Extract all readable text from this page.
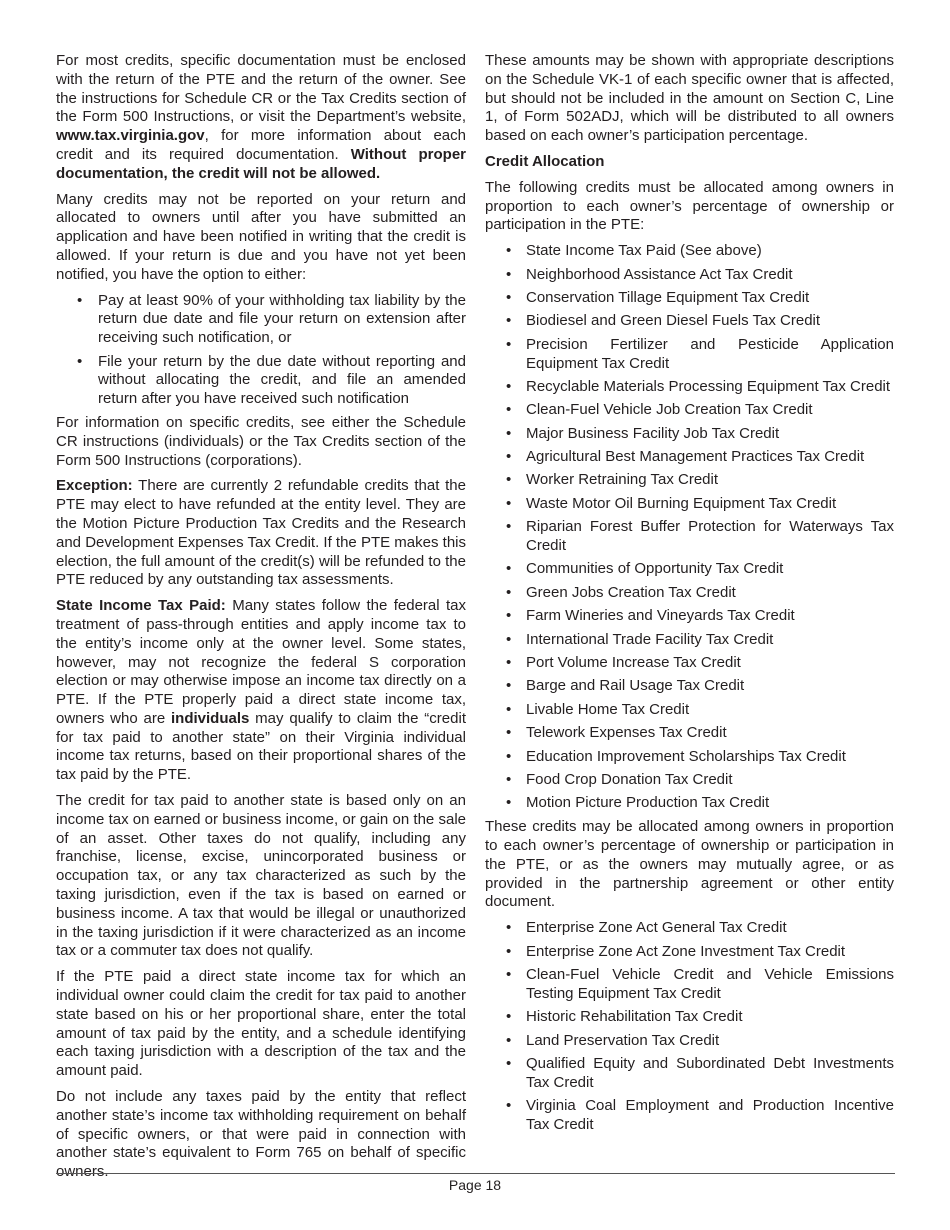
For most credits, specific documentation must be enclosed with the return of the PTE and the return of the owner. See the instructions for Schedule CR or the Tax Credits section of the Form 500 Instructions, or visit the Department’s website, www.tax.virginia.gov, for more information about each credit and its required documentation. Without proper documentation, the credit will not be allowed.

Many credits may not be reported on your return and allocated to owners until after you have submitted an application and have been notified in writing that the credit is allowed. If your return is due and you have not yet been notified, you have the option to either:

• Pay at least 90% of your withholding tax liability by the return due date and file your return on extension after receiving such notification, or
• File your return by the due date without reporting and without allocating the credit, and file an amended return after you have received such notification

For information on specific credits, see either the Schedule CR instructions (individuals) or the Tax Credits section of the Form 500 Instructions (corporations).

Exception: There are currently 2 refundable credits that the PTE may elect to have refunded at the entity level. They are the Motion Picture Production Tax Credits and the Research and Development Expenses Tax Credit. If the PTE makes this election, the full amount of the credit(s) will be refunded to the PTE reduced by any outstanding tax assessments.

State Income Tax Paid: Many states follow the federal tax treatment of pass-through entities and apply income tax to the entity’s income only at the owner level. Some states, however, may not recognize the federal S corporation election or may otherwise impose an income tax directly on a PTE. If the PTE properly paid a direct state income tax, owners who are individuals may qualify to claim the “credit for tax paid to another state” on their Virginia individual income tax returns, based on their proportional shares of the tax paid by the PTE.

The credit for tax paid to another state is based only on an income tax on earned or business income, or gain on the sale of an asset. Other taxes do not qualify, including any franchise, license, excise, unincorporated business or occupation tax, or any tax characterized as such by the taxing jurisdiction, even if the tax is based on earned or business income. A tax that would be illegal or unauthorized in the taxing jurisdiction if it were characterized as an income tax or a commuter tax does not qualify.

If the PTE paid a direct state income tax for which an individual owner could claim the credit for tax paid to another state based on his or her proportional share, enter the total amount of tax paid by the entity, and a schedule identifying each taxing jurisdiction with a description of the tax and the amount paid.

Do not include any taxes paid by the entity that reflect another state’s income tax withholding requirement on behalf of specific owners, or that were paid in connection with another state’s equivalent to Form 765 on behalf of specific owners.

These amounts may be shown with appropriate descriptions on the Schedule VK-1 of each specific owner that is affected, but should not be included in the amount on Section C, Line 1, of Form 502ADJ, which will be distributed to all owners based on each owner’s participation percentage.

Credit Allocation

The following credits must be allocated among owners in proportion to each owner’s percentage of ownership or participation in the PTE:

• State Income Tax Paid (See above)
• Neighborhood Assistance Act Tax Credit
• Conservation Tillage Equipment Tax Credit
• Biodiesel and Green Diesel Fuels Tax Credit
• Precision Fertilizer and Pesticide Application Equipment Tax Credit
• Recyclable Materials Processing Equipment Tax Credit
• Clean-Fuel Vehicle Job Creation Tax Credit
• Major Business Facility Job Tax Credit
• Agricultural Best Management Practices Tax Credit
• Worker Retraining Tax Credit
• Waste Motor Oil Burning Equipment Tax Credit
• Riparian Forest Buffer Protection for Waterways Tax Credit
• Communities of Opportunity Tax Credit
• Green Jobs Creation Tax Credit
• Farm Wineries and Vineyards Tax Credit
• International Trade Facility Tax Credit
• Port Volume Increase Tax Credit
• Barge and Rail Usage Tax Credit
• Livable Home Tax Credit
• Telework Expenses Tax Credit
• Education Improvement Scholarships Tax Credit
• Food Crop Donation Tax Credit
• Motion Picture Production Tax Credit

These credits may be allocated among owners in proportion to each owner’s percentage of ownership or participation in the PTE, or as the owners may mutually agree, or as provided in the partnership agreement or other entity document.

• Enterprise Zone Act General Tax Credit
• Enterprise Zone Act Zone Investment Tax Credit
• Clean-Fuel Vehicle Credit and Vehicle Emissions Testing Equipment Tax Credit
• Historic Rehabilitation Tax Credit
• Land Preservation Tax Credit
• Qualified Equity and Subordinated Debt Investments Tax Credit
• Virginia Coal Employment and Production Incentive Tax Credit
Page 18
